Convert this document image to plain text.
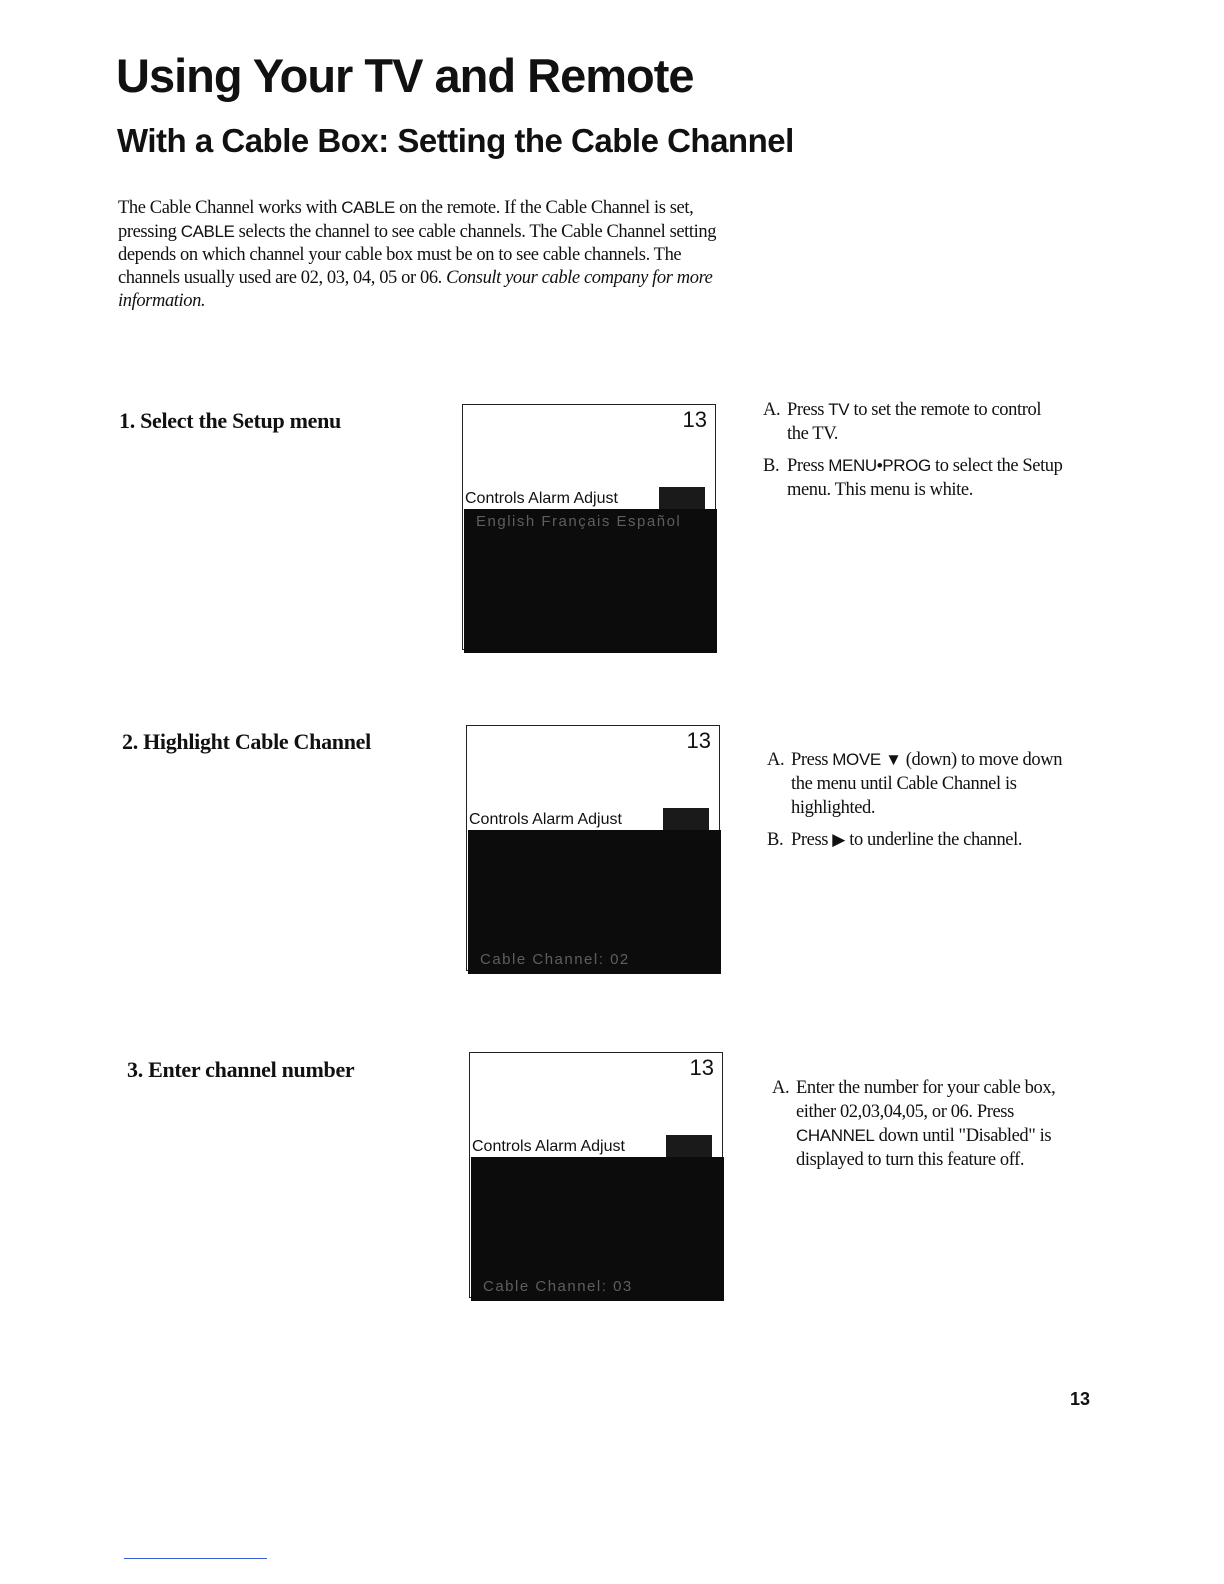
Using Your TV and Remote
With a Cable Box: Setting the Cable Channel

The Cable Channel works with CABLE on the remote. If the Cable Channel is set, pressing CABLE selects the channel to see cable channels. The Cable Channel setting depends on which channel your cable box must be on to see cable channels. The channels usually used are 02, 03, 04, 05 or 06. Consult your cable company for more information.

1. Select the Setup menu	13
Controls Alarm Adjust
English Français Español
A. Press TV to set the remote to control the TV.
B. Press MENU•PROG to select the Setup menu. This menu is white.
2. Highlight Cable Channel	13
Controls Alarm Adjust
Cable Channel: 02
A. Press MOVE ▼ (down) to move down the menu until Cable Channel is highlighted.
B. Press ▶ to underline the channel.
3. Enter channel number	13
Controls Alarm Adjust
Cable Channel: 03
A. Enter the number for your cable box, either 02,03,04,05, or 06. Press CHANNEL down until "Disabled" is displayed to turn this feature off.
13
